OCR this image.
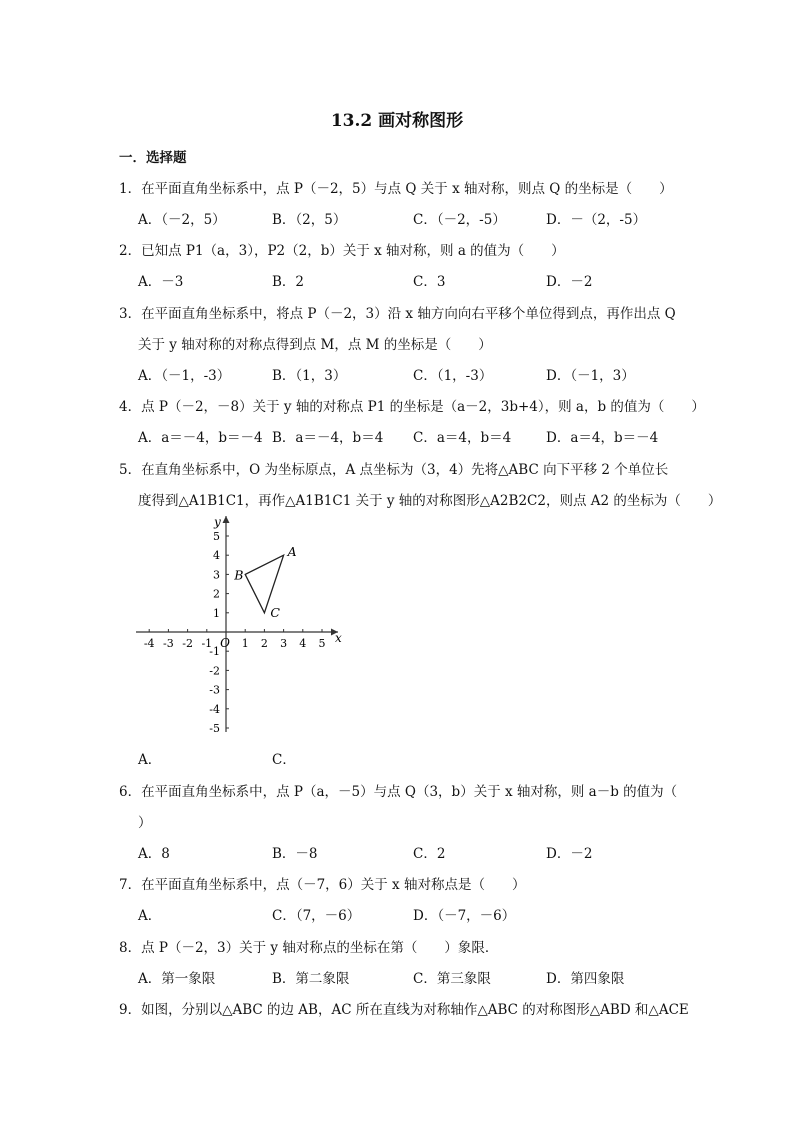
13.2 画对称图形
一．选择题
1．在平面直角坐标系中，点 P（－2，5）与点 Q 关于 x 轴对称，则点 Q 的坐标是（　　）
A．（－2，5）	B．（2，5）	C．（－2，-5）	D．－（2，-5）
2．已知点 P1（a，3），P2（2，b）关于 x 轴对称，则 a 的值为（　　）
A．－3	B．2	C．3	D．－2
3．在平面直角坐标系中，将点 P（－2，3）沿 x 轴方向向右平移个单位得到点，再作出点 Q
关于 y 轴对称的对称点得到点 M，点 M 的坐标是（　　）
A．（－1，-3）	B．（1，3）	C．（1，-3）	D．（－1，3）
4．点 P（－2，－8）关于 y 轴的对称点 P1 的坐标是（a－2，3b+4），则 a，b 的值为（　　）
A．a＝－4，b＝－4 B．a＝－4，b＝4 C．a＝4，b＝4	D．a＝4，b＝－4
5．在直角坐标系中，O 为坐标原点，A 点坐标为（3，4）先将△ABC 向下平移 2 个单位长
度得到△A1B1C1，再作△A1B1C1 关于 y 轴的对称图形△A2B2C2，则点 A2 的坐标为（　　）
x
y
O
-4 -3 -2 -1	1 2 3 4 5
5
4
3
2
1
-1
-2
-3
-4
-5
A
B
C
A．	C．
6．在平面直角坐标系中，点 P（a，－5）与点 Q（3，b）关于 x 轴对称，则 a－b 的值为（
）
A．8	B．－8	C．2	D．－2
7．在平面直角坐标系中，点（－7，6）关于 x 轴对称点是（　　）
A．	C．（7，－6）	D．（－7，－6）
8．点 P（－2，3）关于 y 轴对称点的坐标在第（　　）象限．
A．第一象限	B．第二象限	C．第三象限	D．第四象限
9．如图，分别以△ABC 的边 AB，AC 所在直线为对称轴作△ABC 的对称图形△ABD 和△ACE
